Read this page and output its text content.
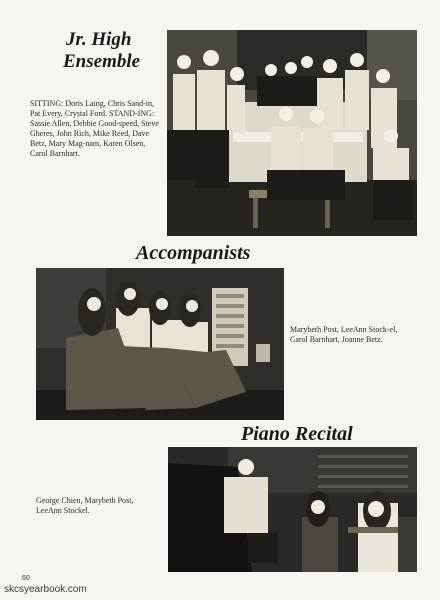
Jr. High
Ensemble
SITTING: Doris Laing, Chris Sand-in, Pat Every, Crystal Ford. STAND-ING: Sassie Allen, Debbie Good-speed, Steve Gheres, John Rich, Mike Reed, Dave Betz, Mary Mag-nam, Karen Olsen, Carol Barnhart.
Accompanists
Marybeth Post, LeeAnn Stock-el, Carol Barnhart, Joanne Betz.
Piano Recital
George Chien, Marybeth Post, LeeAnn Stockel.
60
skcsyearbook.com
